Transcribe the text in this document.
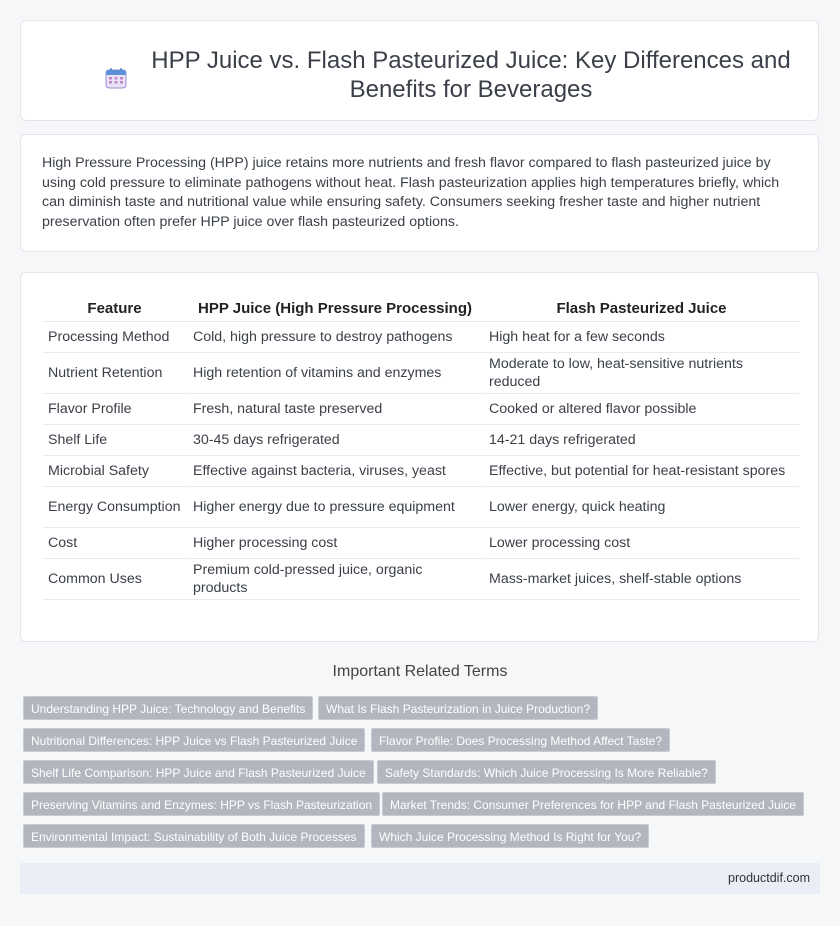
HPP Juice vs. Flash Pasteurized Juice: Key Differences and Benefits for Beverages

High Pressure Processing (HPP) juice retains more nutrients and fresh flavor compared to flash pasteurized juice by using cold pressure to eliminate pathogens without heat. Flash pasteurization applies high temperatures briefly, which can diminish taste and nutritional value while ensuring safety. Consumers seeking fresher taste and higher nutrient preservation often prefer HPP juice over flash pasteurized options.

Feature	HPP Juice (High Pressure Processing)	Flash Pasteurized Juice
Processing Method	Cold, high pressure to destroy pathogens	High heat for a few seconds
Nutrient Retention	High retention of vitamins and enzymes	Moderate to low, heat-sensitive nutrients reduced
Flavor Profile	Fresh, natural taste preserved	Cooked or altered flavor possible
Shelf Life	30-45 days refrigerated	14-21 days refrigerated
Microbial Safety	Effective against bacteria, viruses, yeast	Effective, but potential for heat-resistant spores
Energy Consumption	Higher energy due to pressure equipment	Lower energy, quick heating
Cost	Higher processing cost	Lower processing cost
Common Uses	Premium cold-pressed juice, organic products	Mass-market juices, shelf-stable options
Important Related Terms
Understanding HPP Juice: Technology and Benefits	What Is Flash Pasteurization in Juice Production?
Nutritional Differences: HPP Juice vs Flash Pasteurized Juice	Flavor Profile: Does Processing Method Affect Taste?
Shelf Life Comparison: HPP Juice and Flash Pasteurized Juice	Safety Standards: Which Juice Processing Is More Reliable?
Preserving Vitamins and Enzymes: HPP vs Flash Pasteurization	Market Trends: Consumer Preferences for HPP and Flash Pasteurized Juice
Environmental Impact: Sustainability of Both Juice Processes	Which Juice Processing Method Is Right for You?
productdif.com
